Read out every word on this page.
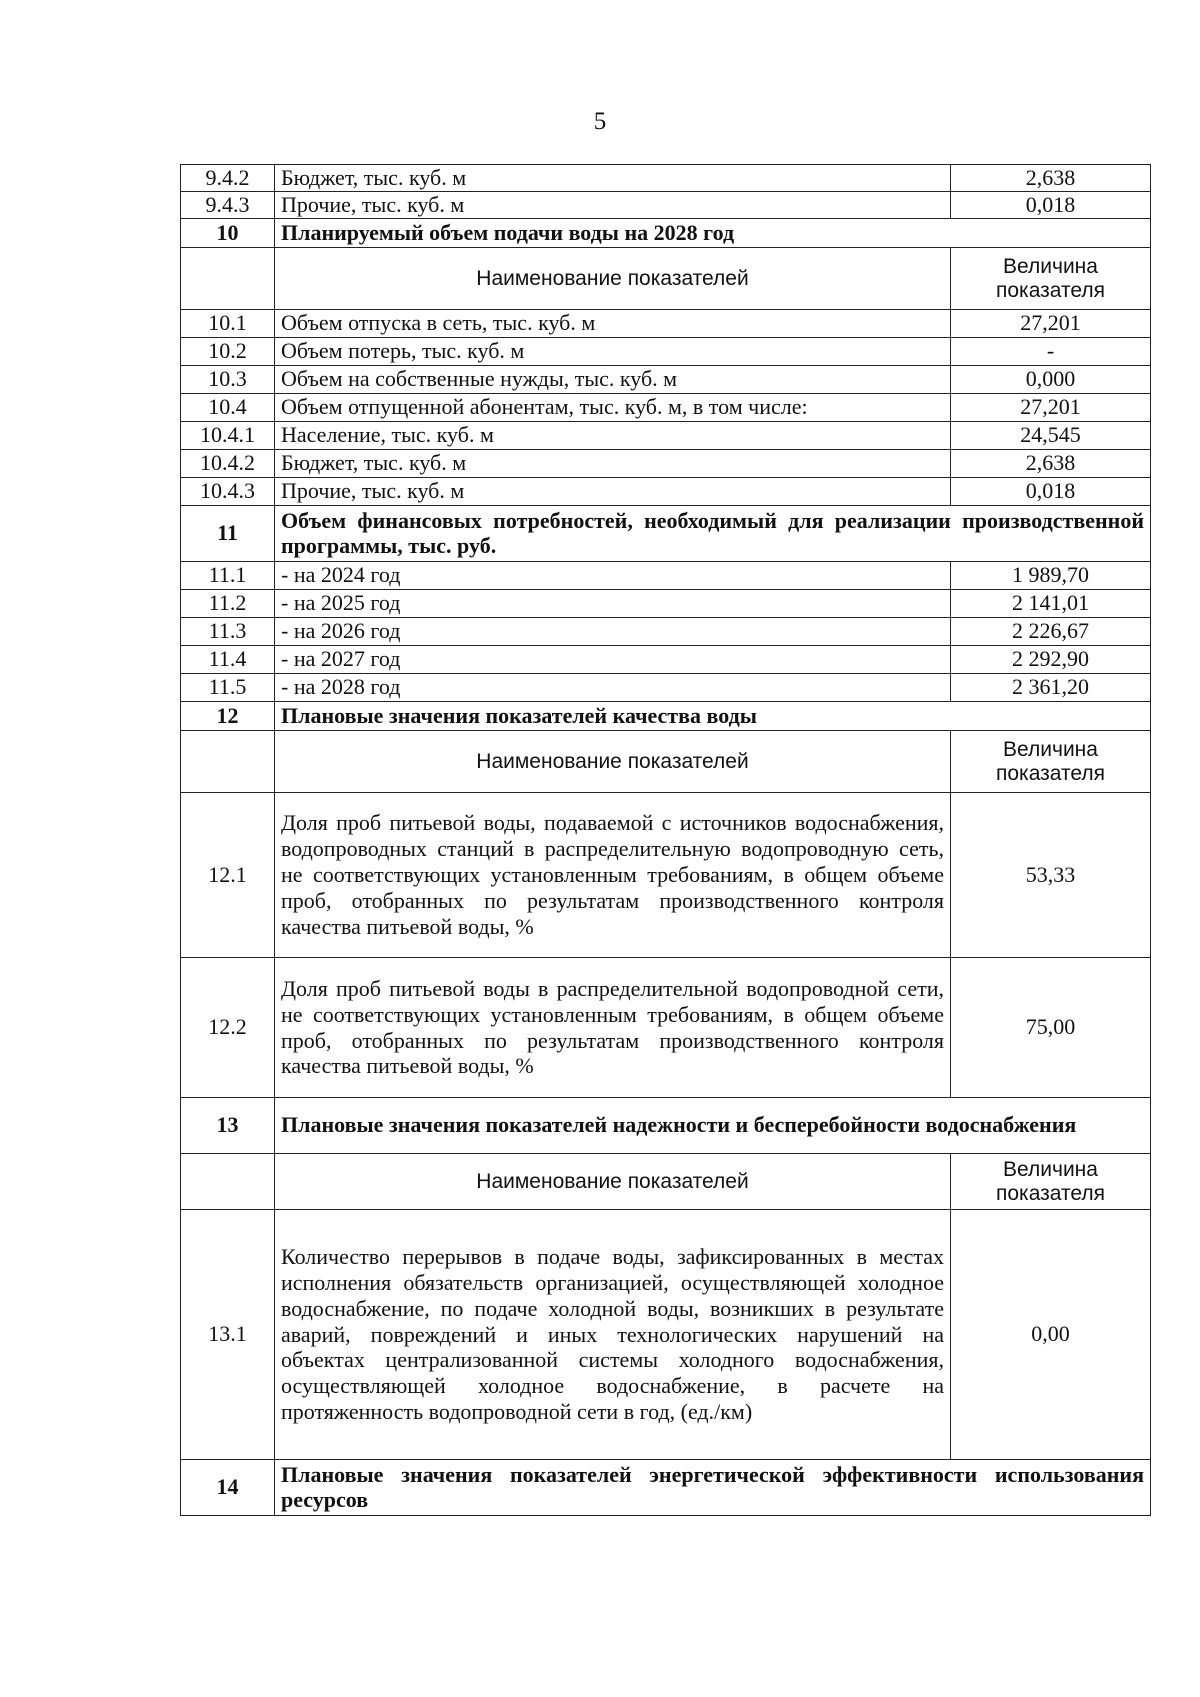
5
9.4.2	Бюджет, тыс. куб. м	2,638
9.4.3	Прочие, тыс. куб. м	0,018
10	Планируемый объем подачи воды на 2028 год	
	Наименование показателей	Величина показателя
10.1	Объем отпуска в сеть, тыс. куб. м	27,201
10.2	Объем потерь, тыс. куб. м	-
10.3	Объем на собственные нужды, тыс. куб. м	0,000
10.4	Объем отпущенной абонентам, тыс. куб. м, в том числе:	27,201
10.4.1	Население, тыс. куб. м	24,545
10.4.2	Бюджет, тыс. куб. м	2,638
10.4.3	Прочие, тыс. куб. м	0,018
11	Объем финансовых потребностей, необходимый для реализации производственной программы, тыс. руб.	
11.1	- на 2024 год	1 989,70
11.2	- на 2025 год	2 141,01
11.3	- на 2026 год	2 226,67
11.4	- на 2027 год	2 292,90
11.5	- на 2028 год	2 361,20
12	Плановые значения показателей качества воды	
	Наименование показателей	Величина показателя
12.1	Доля проб питьевой воды, подаваемой с источников водоснабжения, водопроводных станций в распределительную водопроводную сеть, не соответствующих установленным требованиям, в общем объеме проб, отобранных по результатам производственного контроля качества питьевой воды, %	53,33
12.2	Доля проб питьевой воды в распределительной водопроводной сети, не соответствующих установленным требованиям, в общем объеме проб, отобранных по результатам производственного контроля качества питьевой воды, %	75,00
13	Плановые значения показателей надежности и бесперебойности водоснабжения	
	Наименование показателей	Величина показателя
13.1	Количество перерывов в подаче воды, зафиксированных в местах исполнения обязательств организацией, осуществляющей холодное водоснабжение, по подаче холодной воды, возникших в результате аварий, повреждений и иных технологических нарушений на объектах централизованной системы холодного водоснабжения, осуществляющей холодное водоснабжение, в расчете на протяженность водопроводной сети в год, (ед./км)	0,00
14	Плановые значения показателей энергетической эффективности использования ресурсов	
